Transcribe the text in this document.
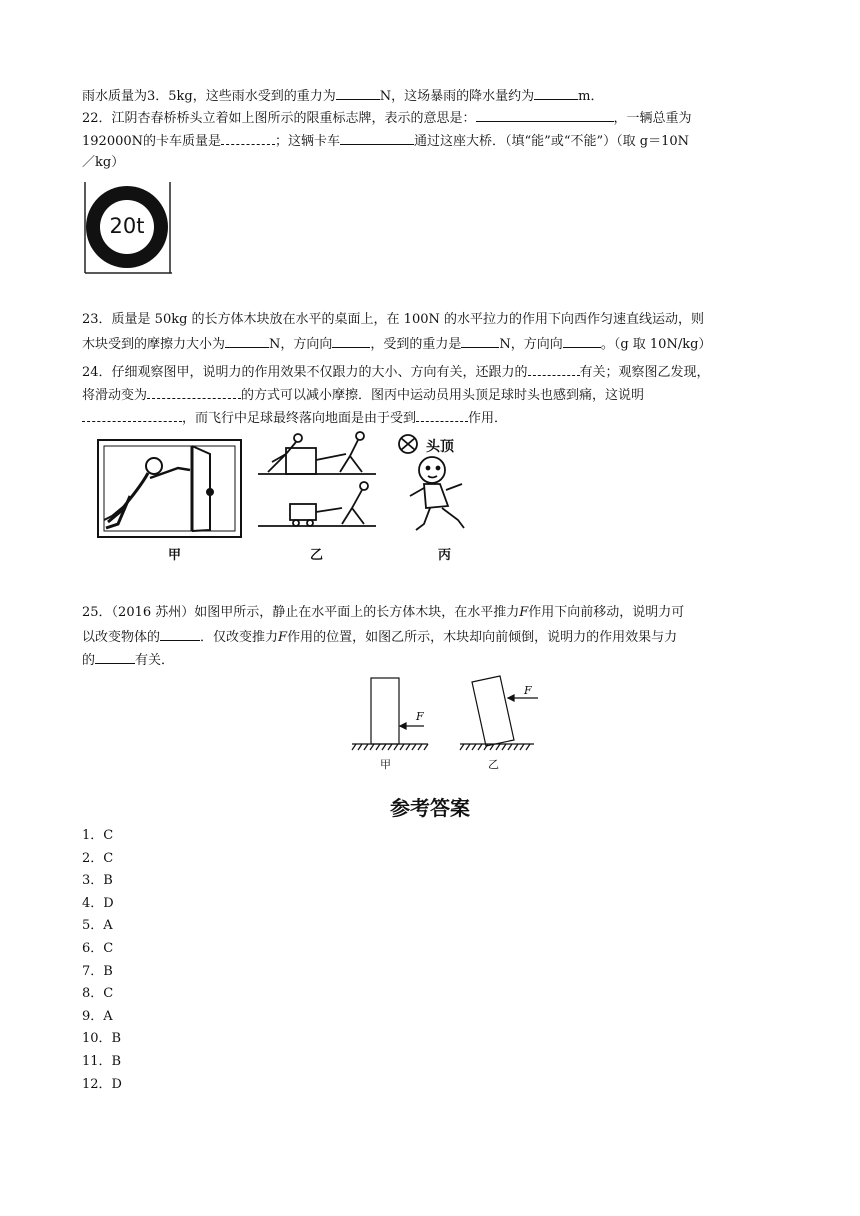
雨水质量为3．5kg，这些雨水受到的重力为	N，这场暴雨的降水量约为	m．
22．江阴杏春桥桥头立着如上图所示的限重标志牌，表示的意思是：	，一辆总重为
192000N的卡车质量是	；这辆卡车	通过这座大桥．（填“能”或“不能”）（取 g＝10N
／kg）
20t
23．质量是 50kg 的长方体木块放在水平的桌面上，在 100N 的水平拉力的作用下向西作匀速直线运动，则
木块受到的摩擦力大小为	N，方向向	，受到的重力是	N，方向向	。（g 取 10N/kg）
24．仔细观察图甲，说明力的作用效果不仅跟力的大小、方向有关，还跟力的	有关；观察图乙发现，
将滑动变为	的方式可以减小摩擦．图丙中运动员用头顶足球时头也感到痛，这说明
，而飞行中足球最终落向地面是由于受到	作用．
头顶
甲	乙	丙
25．（2016 苏州）如图甲所示，静止在水平面上的长方体木块，在水平推力F作用下向前移动，说明力可
以改变物体的	．仅改变推力F作用的位置，如图乙所示，木块却向前倾倒，说明力的作用效果与力
的	有关．
F
F
甲	乙
参考答案
1．C
2．C
3．B
4．D
5．A
6．C
7．B
8．C
9．A
10．B
11．B
12．D
